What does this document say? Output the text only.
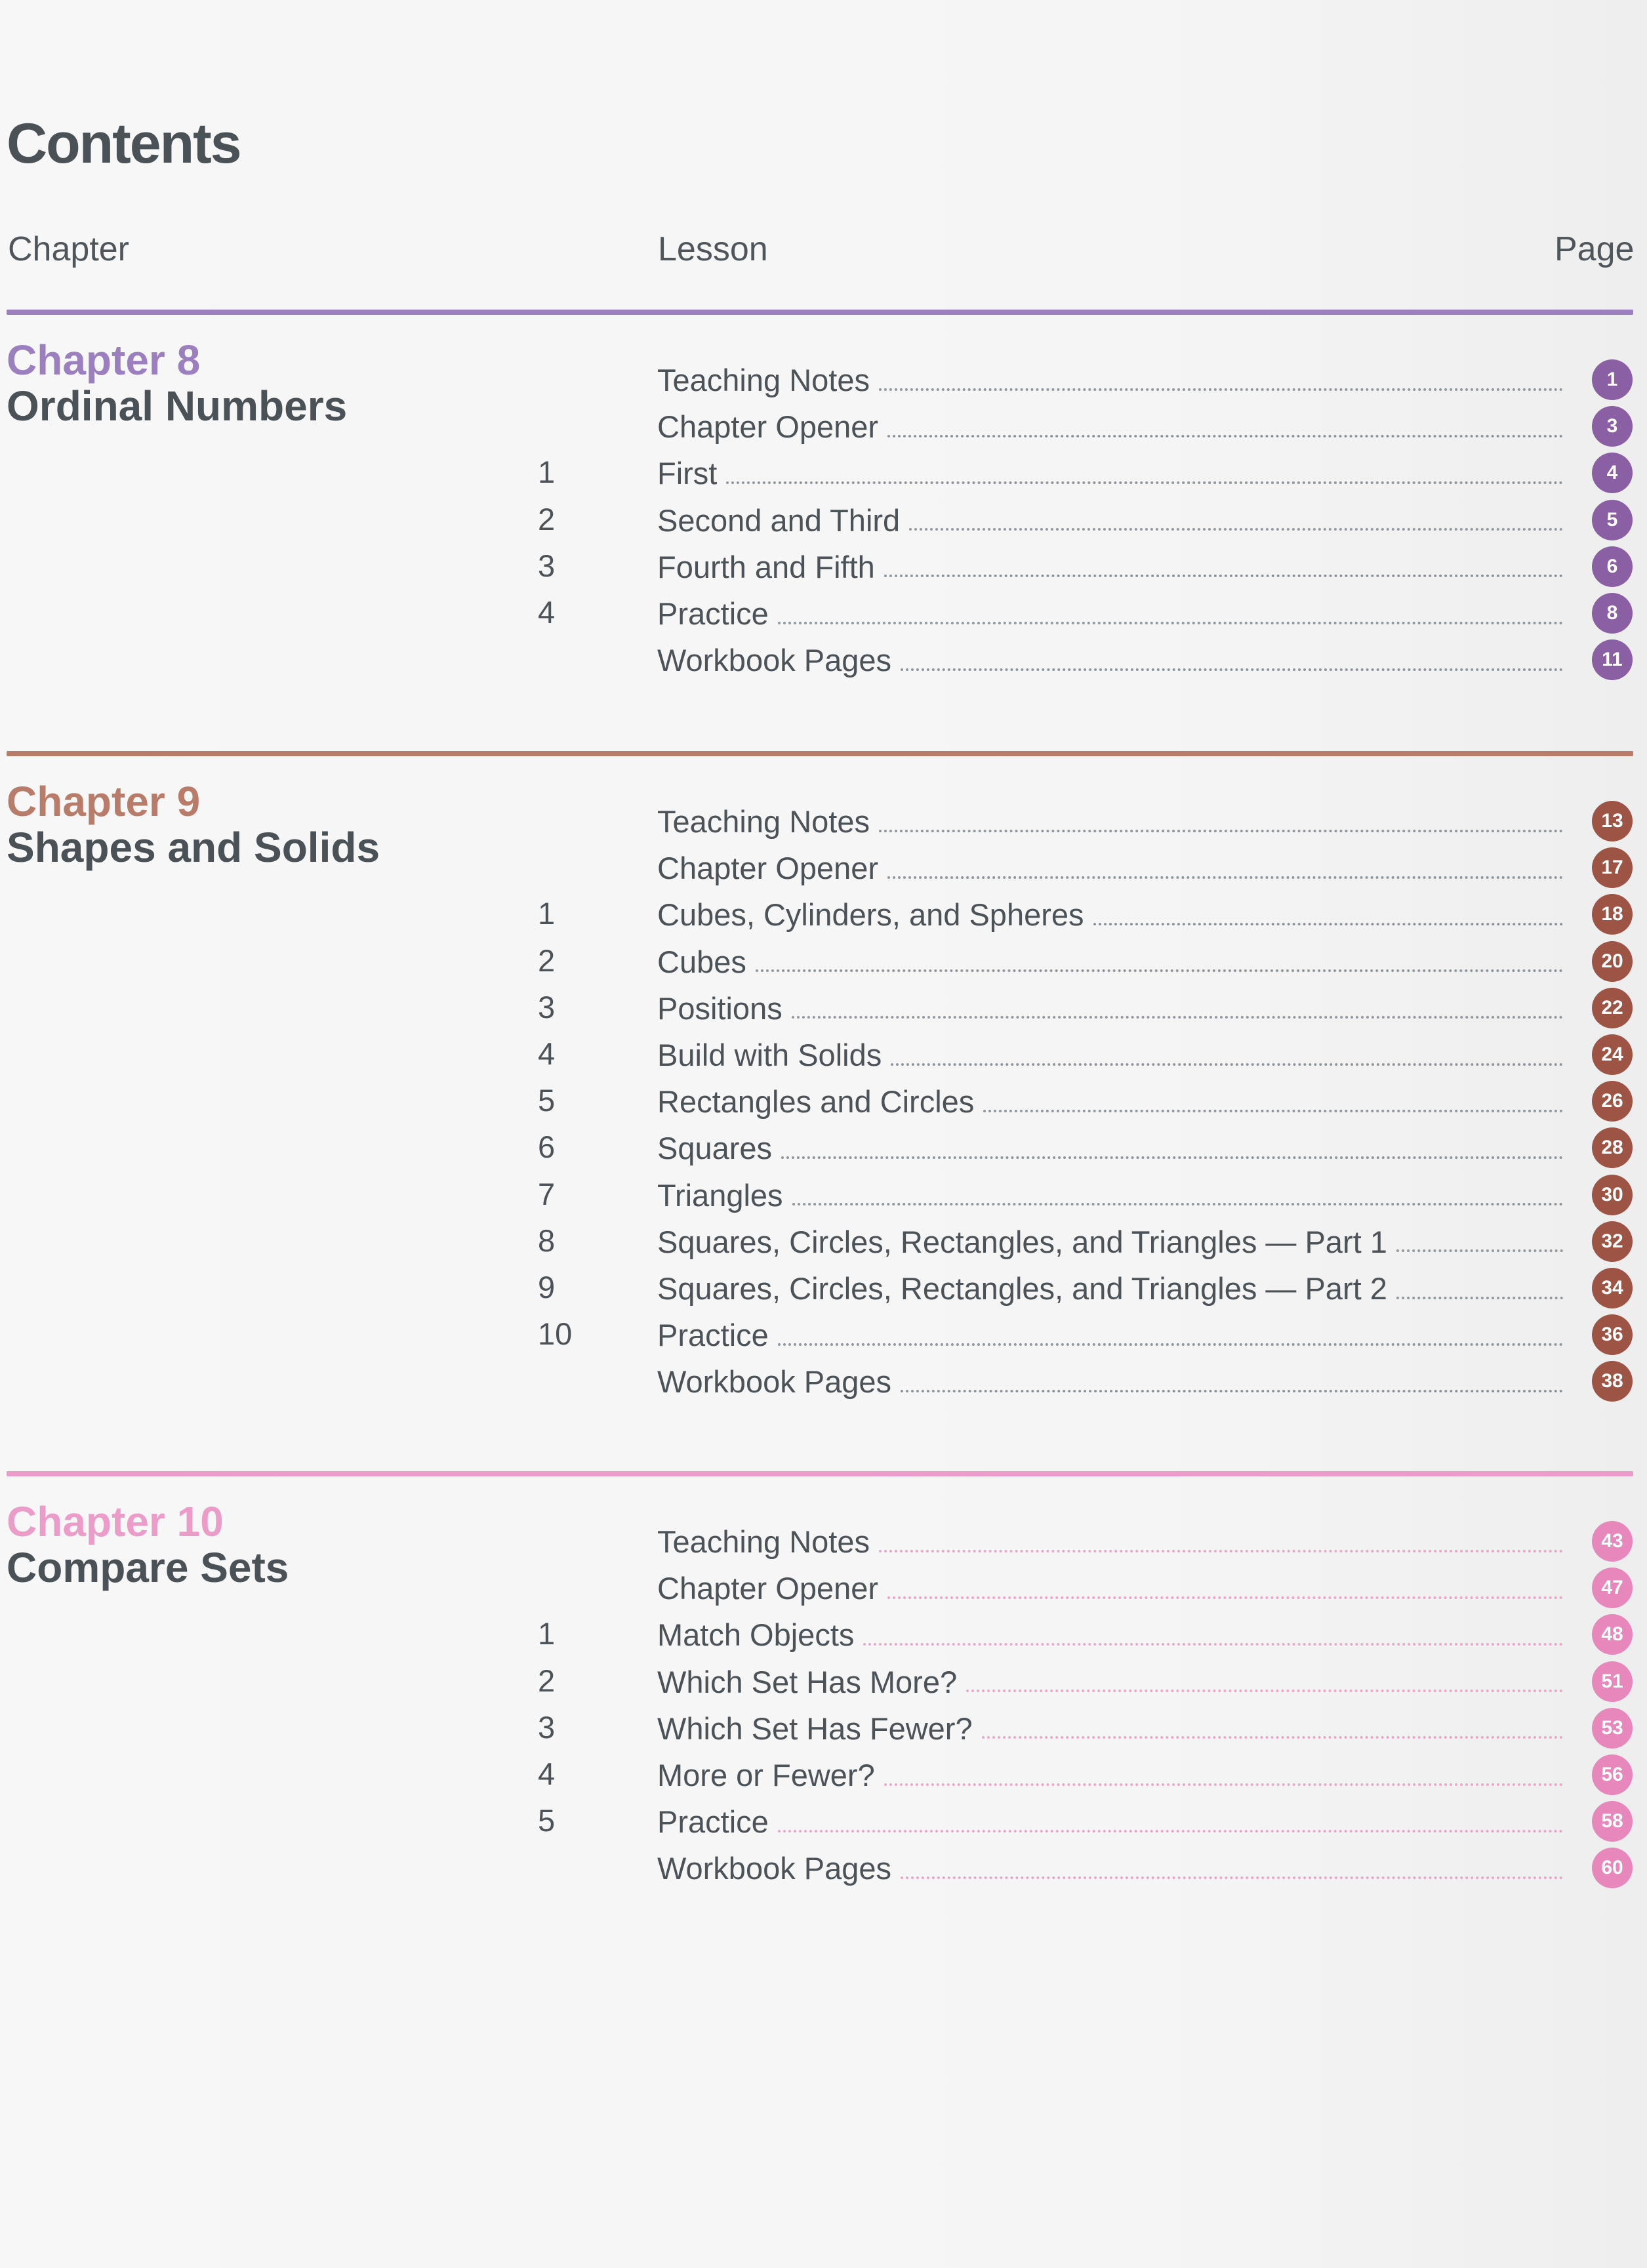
Contents
Chapter	Lesson	Page
Chapter 8
Ordinal Numbers
Teaching Notes	1
Chapter Opener	3
1	First	4
2	Second and Third	5
3	Fourth and Fifth	6
4	Practice	8
Workbook Pages	11
Chapter 9
Shapes and Solids
Teaching Notes	13
Chapter Opener	17
1	Cubes, Cylinders, and Spheres	18
2	Cubes	20
3	Positions	22
4	Build with Solids	24
5	Rectangles and Circles	26
6	Squares	28
7	Triangles	30
8	Squares, Circles, Rectangles, and Triangles — Part 1	32
9	Squares, Circles, Rectangles, and Triangles — Part 2	34
10	Practice	36
Workbook Pages	38
Chapter 10
Compare Sets
Teaching Notes	43
Chapter Opener	47
1	Match Objects	48
2	Which Set Has More?	51
3	Which Set Has Fewer?	53
4	More or Fewer?	56
5	Practice	58
Workbook Pages	60
